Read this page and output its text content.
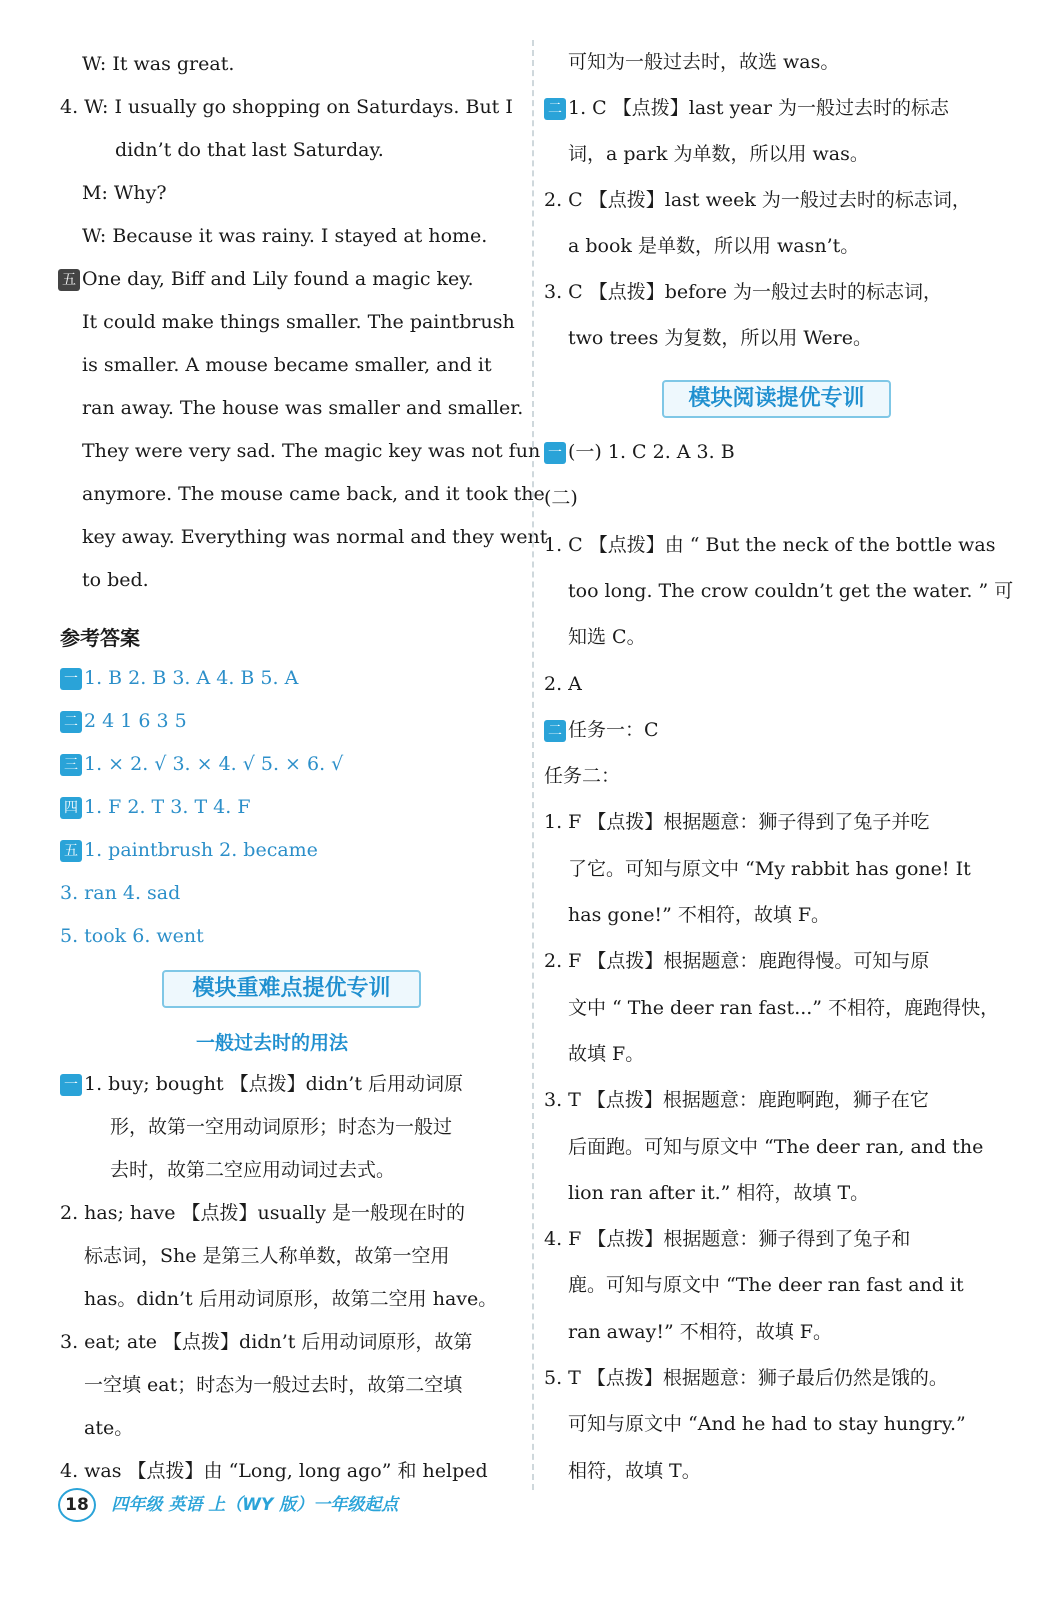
W: It was great.
4. W: I usually go shopping on Saturdays. But I
didn’t do that last Saturday.
M: Why?
W: Because it was rainy. I stayed at home.
五 One day, Biff and Lily found a magic key.
It could make things smaller. The paintbrush
is smaller. A mouse became smaller, and it
ran away. The house was smaller and smaller.
They were very sad. The magic key was not fun
anymore. The mouse came back, and it took the
key away. Everything was normal and they went
to bed.
参考答案
一 1. B 2. B 3. A 4. B 5. A
二 2 4 1 6 3 5
三 1. × 2. √ 3. × 4. √ 5. × 6. √
四 1. F 2. T 3. T 4. F
五 1. paintbrush 2. became
3. ran 4. sad
5. took 6. went
模块重难点提优专训
一般过去时的用法
一 1. buy; bought 【点拨】didn’t 后用动词原
形，故第一空用动词原形；时态为一般过
去时，故第二空应用动词过去式。
2. has; have 【点拨】usually 是一般现在时的
标志词，She 是第三人称单数，故第一空用
has。didn’t 后用动词原形，故第二空用 have。
3. eat; ate 【点拨】didn’t 后用动词原形，故第
一空填 eat；时态为一般过去时，故第二空填
ate。
4. was 【点拨】由 “Long, long ago” 和 helped
可知为一般过去时，故选 was。
二 1. C 【点拨】last year 为一般过去时的标志
词，a park 为单数，所以用 was。
2. C 【点拨】last week 为一般过去时的标志词，
a book 是单数，所以用 wasn’t。
3. C 【点拨】before 为一般过去时的标志词，
two trees 为复数，所以用 Were。
模块阅读提优专训
一 (一) 1. C 2. A 3. B
(二)
1. C 【点拨】由 “ But the neck of the bottle was
too long. The crow couldn’t get the water. ” 可
知选 C。
2. A
二 任务一：C
任务二：
1. F 【点拨】根据题意：狮子得到了兔子并吃
了它。可知与原文中 “My rabbit has gone! It
has gone!” 不相符，故填 F。
2. F 【点拨】根据题意：鹿跑得慢。可知与原
文中 “ The deer ran fast...” 不相符，鹿跑得快，
故填 F。
3. T 【点拨】根据题意：鹿跑啊跑，狮子在它
后面跑。可知与原文中 “The deer ran, and the
lion ran after it.” 相符，故填 T。
4. F 【点拨】根据题意：狮子得到了兔子和
鹿。可知与原文中 “The deer ran fast and it
ran away!” 不相符，故填 F。
5. T 【点拨】根据题意：狮子最后仍然是饿的。
可知与原文中 “And he had to stay hungry.”
相符，故填 T。
18 四年级 英语 上（WY 版）一年级起点
